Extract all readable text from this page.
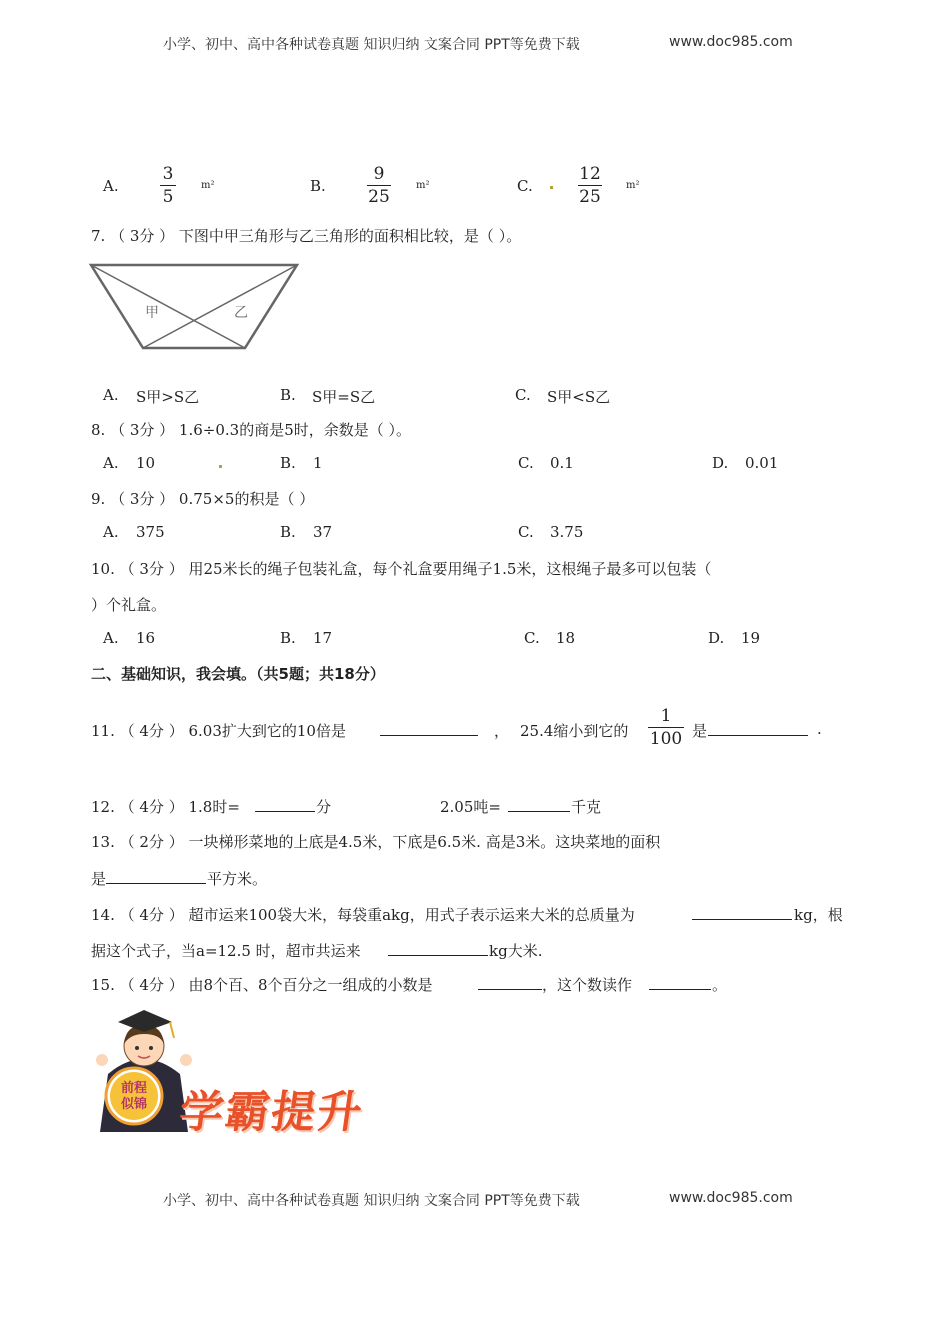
小学、初中、高中各种试卷真题 知识归纳 文案合同 PPT等免费下载	www.doc985.com
A.
3
5
m²	B.
9
25
m²	C.
12
25
m²
7. （ 3分 ） 下图中甲三角形与乙三角形的面积相比较，是（ ）。
甲	乙
A. S甲>S乙	B. S甲=S乙	C. S甲<S乙
8. （ 3分 ） 1.6÷0.3的商是5时，余数是（ ）。
A. 10	B. 1	C. 0.1	D. 0.01
9. （ 3分 ） 0.75×5的积是（ ）
A. 375	B. 37	C. 3.75
10. （ 3分 ） 用25米长的绳子包装礼盒，每个礼盒要用绳子1.5米，这根绳子最多可以包装（
）个礼盒。
A. 16	B. 17	C. 18	D. 19
二、基础知识，我会填。（共5题；共18分）
11. （ 4分 ） 6.03扩大到它的10倍是	， 25.4缩小到它的
1
100 是	.
12. （ 4分 ） 1.8时=	分	2.05吨=	千克
13. （ 2分 ） 一块梯形菜地的上底是4.5米，下底是6.5米. 高是3米。这块菜地的面积
是	平方米。
14. （ 4分 ） 超市运来100袋大米，每袋重akg，用式子表示运来大米的总质量为	kg，根
据这个式子，当a=12.5 时，超市共运来	kg大米.
15. （ 4分 ） 由8个百、8个百分之一组成的小数是	，这个数读作	。
前程
似锦 学霸提升
小学、初中、高中各种试卷真题 知识归纳 文案合同 PPT等免费下载	www.doc985.com
